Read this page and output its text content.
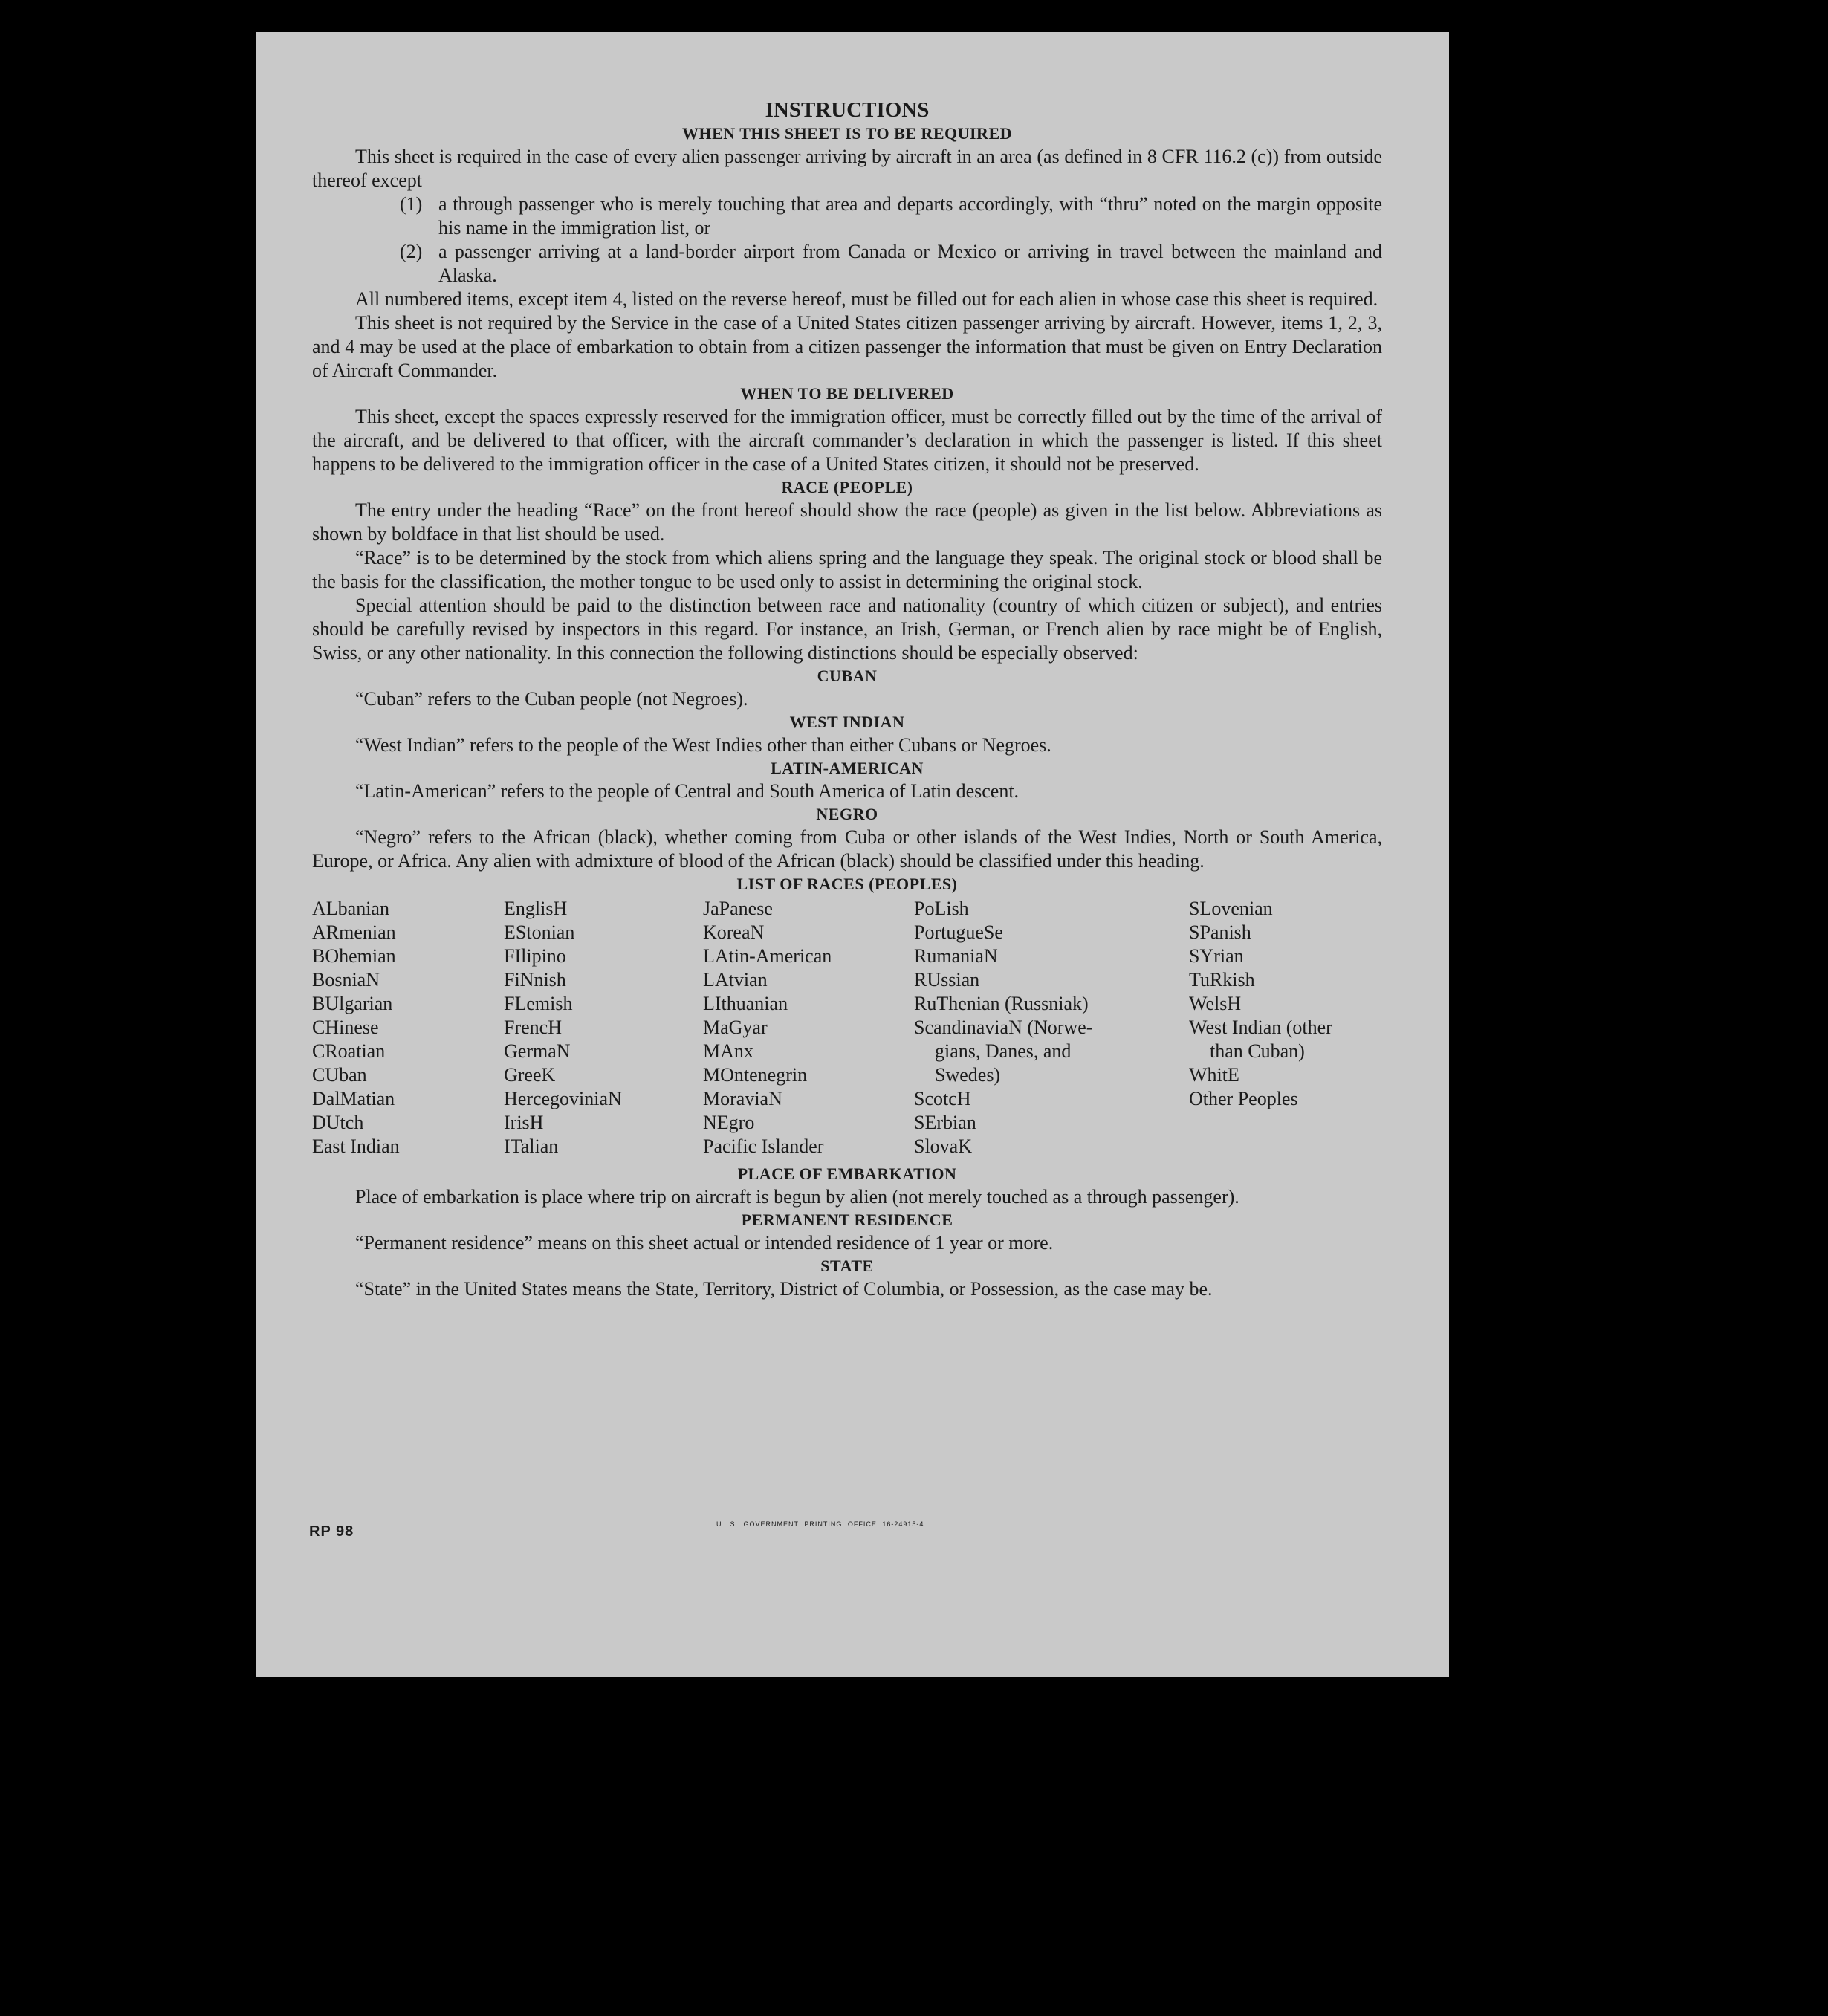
INSTRUCTIONS

WHEN THIS SHEET IS TO BE REQUIRED

This sheet is required in the case of every alien passenger arriving by aircraft in an area (as defined in 8 CFR 116.2 (c)) from outside thereof except

(1) a through passenger who is merely touching that area and departs accordingly, with “thru” noted on the margin opposite his name in the immigration list, or
(2) a passenger arriving at a land-border airport from Canada or Mexico or arriving in travel between the mainland and Alaska.

All numbered items, except item 4, listed on the reverse hereof, must be filled out for each alien in whose case this sheet is required.

This sheet is not required by the Service in the case of a United States citizen passenger arriving by aircraft. However, items 1, 2, 3, and 4 may be used at the place of embarkation to obtain from a citizen passenger the information that must be given on Entry Declaration of Aircraft Commander.

WHEN TO BE DELIVERED

This sheet, except the spaces expressly reserved for the immigration officer, must be correctly filled out by the time of the arrival of the aircraft, and be delivered to that officer, with the aircraft commander’s declaration in which the passenger is listed. If this sheet happens to be delivered to the immigration officer in the case of a United States citizen, it should not be preserved.

RACE (PEOPLE)

The entry under the heading “Race” on the front hereof should show the race (people) as given in the list below. Abbreviations as shown by boldface in that list should be used.

“Race” is to be determined by the stock from which aliens spring and the language they speak. The original stock or blood shall be the basis for the classification, the mother tongue to be used only to assist in determining the original stock.

Special attention should be paid to the distinction between race and nationality (country of which citizen or subject), and entries should be carefully revised by inspectors in this regard. For instance, an Irish, German, or French alien by race might be of English, Swiss, or any other nationality. In this connection the following distinctions should be especially observed:

CUBAN

“Cuban” refers to the Cuban people (not Negroes).

WEST INDIAN

“West Indian” refers to the people of the West Indies other than either Cubans or Negroes.

LATIN-AMERICAN

“Latin-American” refers to the people of Central and South America of Latin descent.

NEGRO

“Negro” refers to the African (black), whether coming from Cuba or other islands of the West Indies, North or South America, Europe, or Africa. Any alien with admixture of blood of the African (black) should be classified under this heading.

LIST OF RACES (PEOPLES)

ALbanian
ARmenian
BOhemian
BosniaN
BUlgarian
CHinese
CRoatian
CUban
DalMatian
DUtch
East Indian
EnglisH
EStonian
FIlipino
FiNnish
FLemish
FrencH
GermaN
GreeK
HercegoviniaN
IrisH
ITalian
JaPanese
KoreaN
LAtin-American
LAtvian
LIthuanian
MaGyar
MAnx
MOntenegrin
MoraviaN
NEgro
Pacific Islander
PoLish
PortugueSe
RumaniaN
RUssian
RuThenian (Russniak)
ScandinaviaN (Norwe-
gians, Danes, and
Swedes)
ScotcH
SErbian
SlovaK
SLovenian
SPanish
SYrian
TuRkish
WelsH
West Indian (other
than Cuban)
WhitE
Other Peoples

PLACE OF EMBARKATION

Place of embarkation is place where trip on aircraft is begun by alien (not merely touched as a through passenger).

PERMANENT RESIDENCE

“Permanent residence” means on this sheet actual or intended residence of 1 year or more.

STATE

“State” in the United States means the State, Territory, District of Columbia, or Possession, as the case may be.

RP 98	U. S. GOVERNMENT PRINTING OFFICE 16-24915-4
